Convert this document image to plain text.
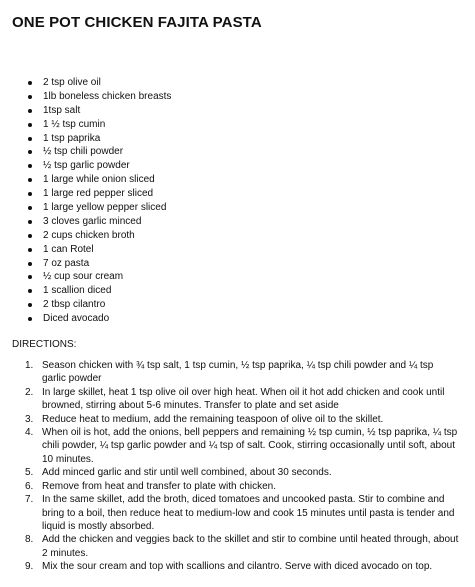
ONE POT CHICKEN FAJITA PASTA
2 tsp olive oil
1lb boneless chicken breasts
1tsp salt
1 ½ tsp cumin
1 tsp paprika
½ tsp chili powder
½ tsp garlic powder
1 large while onion sliced
1 large red pepper sliced
1 large yellow pepper sliced
3 cloves garlic minced
2 cups chicken broth
1 can Rotel
7 oz pasta
½ cup sour cream
1 scallion diced
2 tbsp cilantro
Diced avocado

DIRECTIONS:

1. Season chicken with ¾ tsp salt, 1 tsp cumin, ½ tsp paprika, ¼ tsp chili powder and ¼ tsp garlic powder
2. In large skillet, heat 1 tsp olive oil over high heat. When oil it hot add chicken and cook until browned, stirring about 5-6 minutes. Transfer to plate and set aside
3. Reduce heat to medium, add the remaining teaspoon of olive oil to the skillet.
4. When oil is hot, add the onions, bell peppers and remaining ½ tsp cumin, ½ tsp paprika, ¼ tsp chili powder, ¼ tsp garlic powder and ¼ tsp of salt. Cook, stirring occasionally until soft, about 10 minutes.
5. Add minced garlic and stir until well combined, about 30 seconds.
6. Remove from heat and transfer to plate with chicken.
7. In the same skillet, add the broth, diced tomatoes and uncooked pasta. Stir to combine and bring to a boil, then reduce heat to medium-low and cook 15 minutes until pasta is tender and liquid is mostly absorbed.
8. Add the chicken and veggies back to the skillet and stir to combine until heated through, about 2 minutes.
9. Mix the sour cream and top with scallions and cilantro. Serve with diced avocado on top.
